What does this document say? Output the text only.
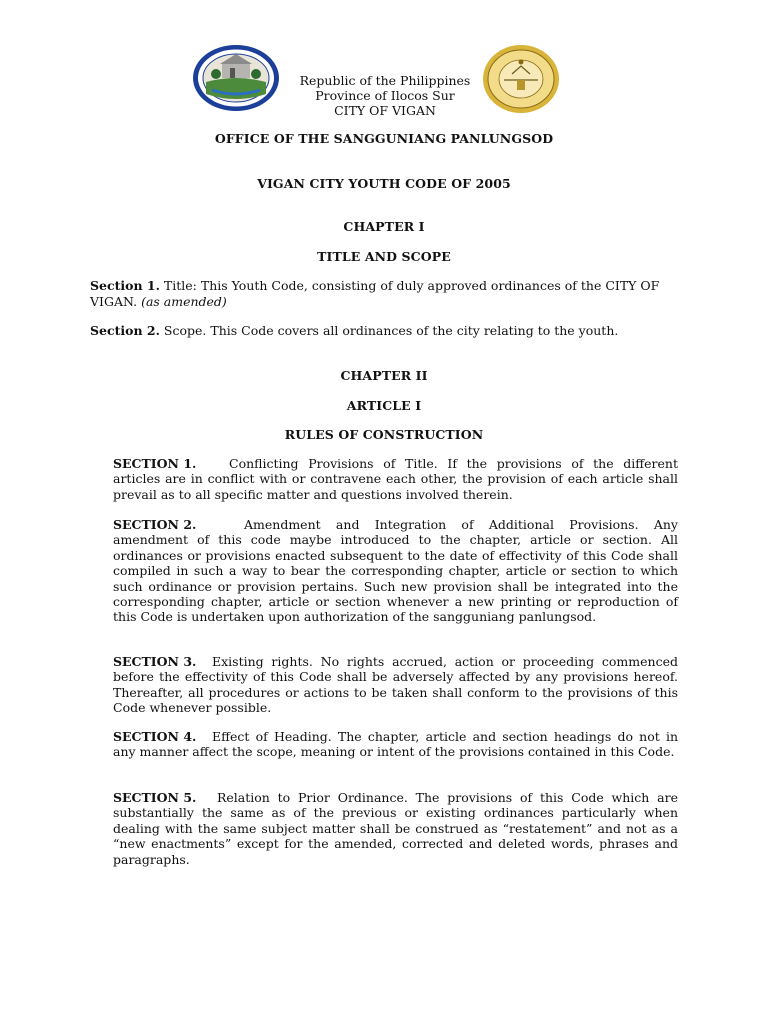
Republic of the Philippines
Province of Ilocos Sur
CITY OF VIGAN
OFFICE OF THE SANGGUNIANG PANLUNGSOD
VIGAN CITY YOUTH CODE OF 2005
CHAPTER I
TITLE AND SCOPE
Section 1. Title: This Youth Code, consisting of duly approved ordinances of the CITY OF VIGAN. (as amended)
Section 2. Scope. This Code covers all ordinances of the city relating to the youth.
CHAPTER II
ARTICLE I
RULES OF CONSTRUCTION
SECTION 1.	Conflicting Provisions of Title. If the provisions of the different articles are in conflict with or contravene each other, the provision of each article shall prevail as to all specific matter and questions involved therein.
SECTION 2.	Amendment and Integration of Additional Provisions. Any amendment of this code maybe introduced to the chapter, article or section. All ordinances or provisions enacted subsequent to the date of effectivity of this Code shall compiled in such a way to bear the corresponding chapter, article or section to which such ordinance or provision pertains. Such new provision shall be integrated into the corresponding chapter, article or section whenever a new printing or reproduction of this Code is undertaken upon authorization of the sangguniang panlungsod.
SECTION 3. Existing rights. No rights accrued, action or proceeding commenced before the effectivity of this Code shall be adversely affected by any provisions hereof. Thereafter, all procedures or actions to be taken shall conform to the provisions of this Code whenever possible.
SECTION 4. Effect of Heading. The chapter, article and section headings do not in any manner affect the scope, meaning or intent of the provisions contained in this Code.
SECTION 5. Relation to Prior Ordinance. The provisions of this Code which are substantially the same as of the previous or existing ordinances particularly when dealing with the same subject matter shall be construed as “restatement” and not as a “new enactments” except for the amended, corrected and deleted words, phrases and paragraphs.
